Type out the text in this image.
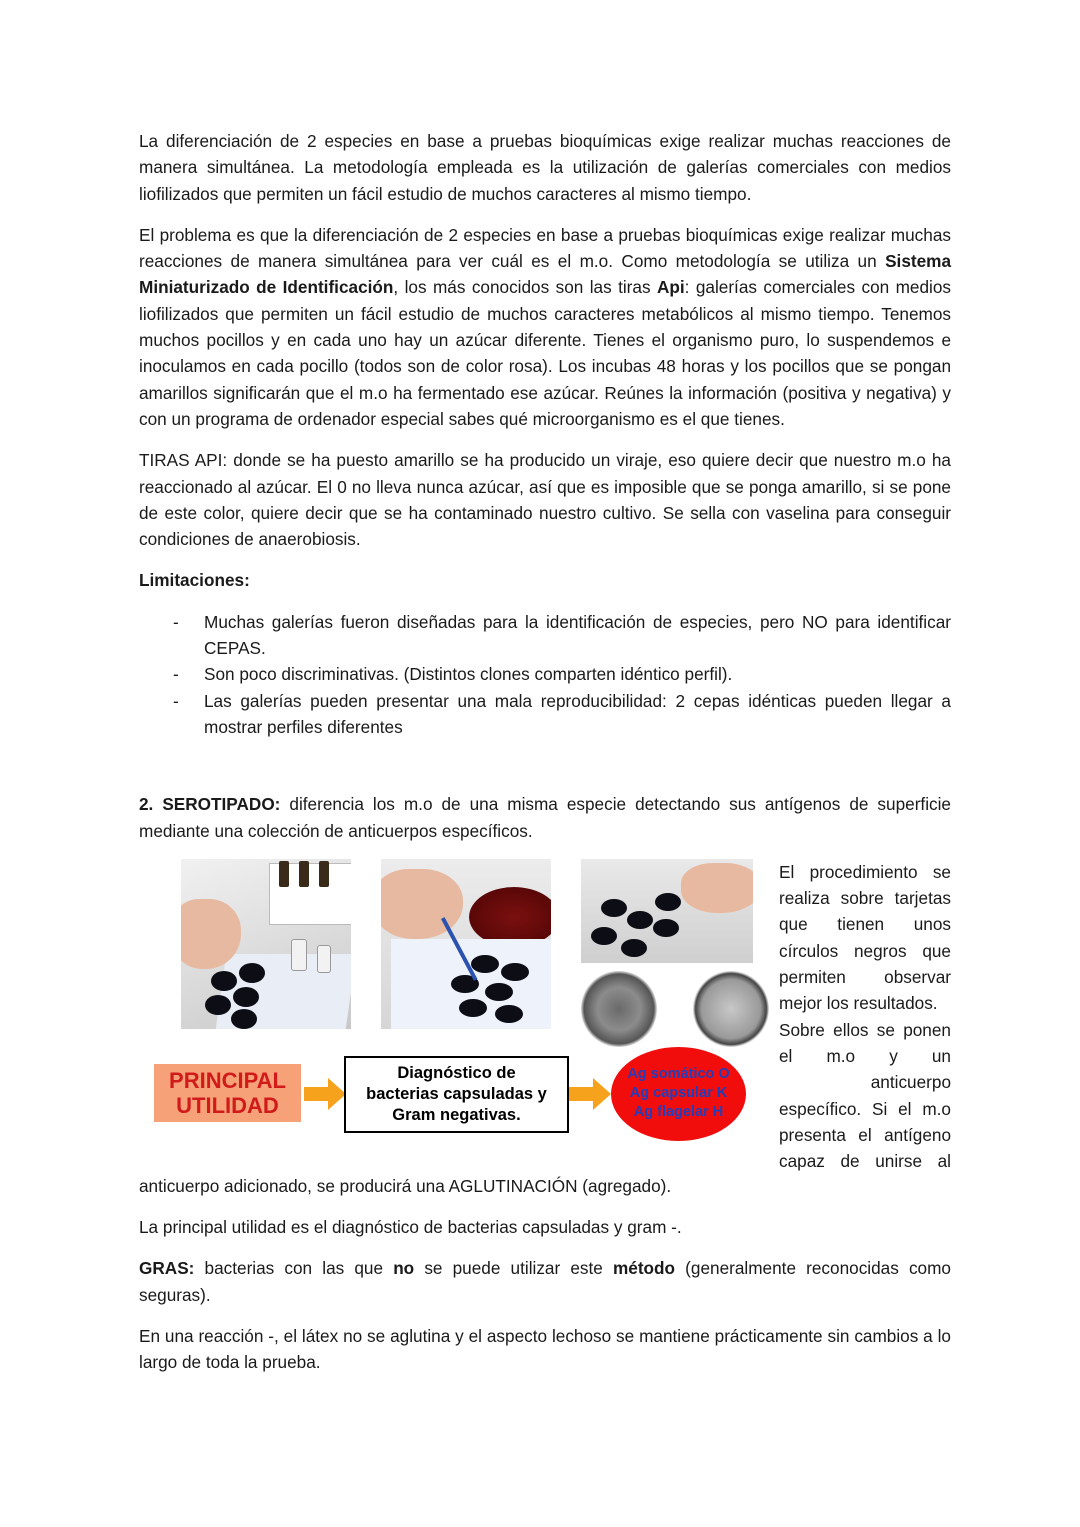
La diferenciación de 2 especies en base a pruebas bioquímicas exige realizar muchas reacciones de manera simultánea. La metodología empleada es la utilización de galerías comerciales con medios liofilizados que permiten un fácil estudio de muchos caracteres al mismo tiempo.

El problema es que la diferenciación de 2 especies en base a pruebas bioquímicas exige realizar muchas reacciones de manera simultánea para ver cuál es el m.o. Como metodología se utiliza un Sistema Miniaturizado de Identificación, los más conocidos son las tiras Api: galerías comerciales con medios liofilizados que permiten un fácil estudio de muchos caracteres metabólicos al mismo tiempo. Tenemos muchos pocillos y en cada uno hay un azúcar diferente. Tienes el organismo puro, lo suspendemos e inoculamos en cada pocillo (todos son de color rosa). Los incubas 48 horas y los pocillos que se pongan amarillos significarán que el m.o ha fermentado ese azúcar. Reúnes la información (positiva y negativa) y con un programa de ordenador especial sabes qué microorganismo es el que tienes.

TIRAS API: donde se ha puesto amarillo se ha producido un viraje, eso quiere decir que nuestro m.o ha reaccionado al azúcar. El 0 no lleva nunca azúcar, así que es imposible que se ponga amarillo, si se pone de este color, quiere decir que se ha contaminado nuestro cultivo. Se sella con vaselina para conseguir condiciones de anaerobiosis.

Limitaciones:

- Muchas galerías fueron diseñadas para la identificación de especies, pero NO para identificar CEPAS.
- Son poco discriminativas. (Distintos clones comparten idéntico perfil).
- Las galerías pueden presentar una mala reproducibilidad: 2 cepas idénticas pueden llegar a mostrar perfiles diferentes

2. SEROTIPADO: diferencia los m.o de una misma especie detectando sus antígenos de superficie mediante una colección de anticuerpos específicos.

PRINCIPAL
UTILIDAD
Diagnóstico de
bacterias capsuladas y
Gram negativas.
Ag somático O
Ag capsular K
Ag flagelar H
El procedimiento se
realiza sobre tarjetas
que tienen unos
círculos negros que
permiten observar
mejor los resultados.
Sobre ellos se ponen
el m.o y un
anticuerpo
específico. Si el m.o
presenta el antígeno
capaz de unirse al

anticuerpo adicionado, se producirá una AGLUTINACIÓN (agregado).

La principal utilidad es el diagnóstico de bacterias capsuladas y gram -.

GRAS: bacterias con las que no se puede utilizar este método (generalmente reconocidas como seguras).

En una reacción -, el látex no se aglutina y el aspecto lechoso se mantiene prácticamente sin cambios a lo largo de toda la prueba.
